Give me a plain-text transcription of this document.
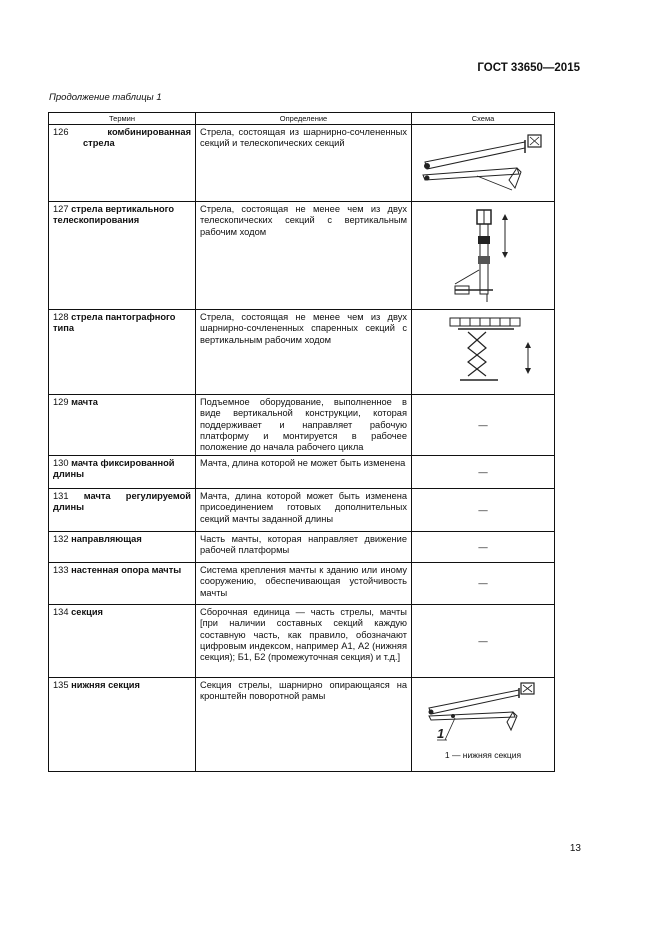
ГОСТ 33650—2015
Продолжение таблицы 1
Термин	Определение	Схема
126 комбинированная стрела	Стрела, состоящая из шарнирно-сочлененных секций и телескопических секций	

127 стрела вертикального телескопирования	Стрела, состоящая не менее чем из двух телескопических секций с вертикальным рабочим ходом	

128 стрела пантографного типа	Стрела, состоящая не менее чем из двух шарнирно-сочлененных спаренных секций с вертикальным рабочим ходом	

129 мачта	Подъемное оборудование, выполненное в виде вертикальной конструкции, которая поддерживает и направляет рабочую платформу и монтируется в рабочее положение до начала рабочего цикла	—
130 мачта фиксированной длины	Мачта, длина которой не может быть изменена	—
131 мачта регулируемой длины	Мачта, длина которой может быть изменена присоединением готовых дополнительных секций мачты заданной длины	—
132 направляющая	Часть мачты, которая направляет движение рабочей платформы	—
133 настенная опора мачты	Система крепления мачты к зданию или иному сооружению, обеспечивающая устойчивость мачты	—
134 секция	Сборочная единица — часть стрелы, мачты [при наличии составных секций каждую составную часть, как правило, обозначают цифровым индексом, например А1, А2 (нижняя секция); Б1, Б2 (промежуточная секция) и т.д.]	—
135 нижняя секция	Секция стрелы, шарнирно опирающаяся на кронштейн поворотной рамы	1
1 — нижняя секция
13
